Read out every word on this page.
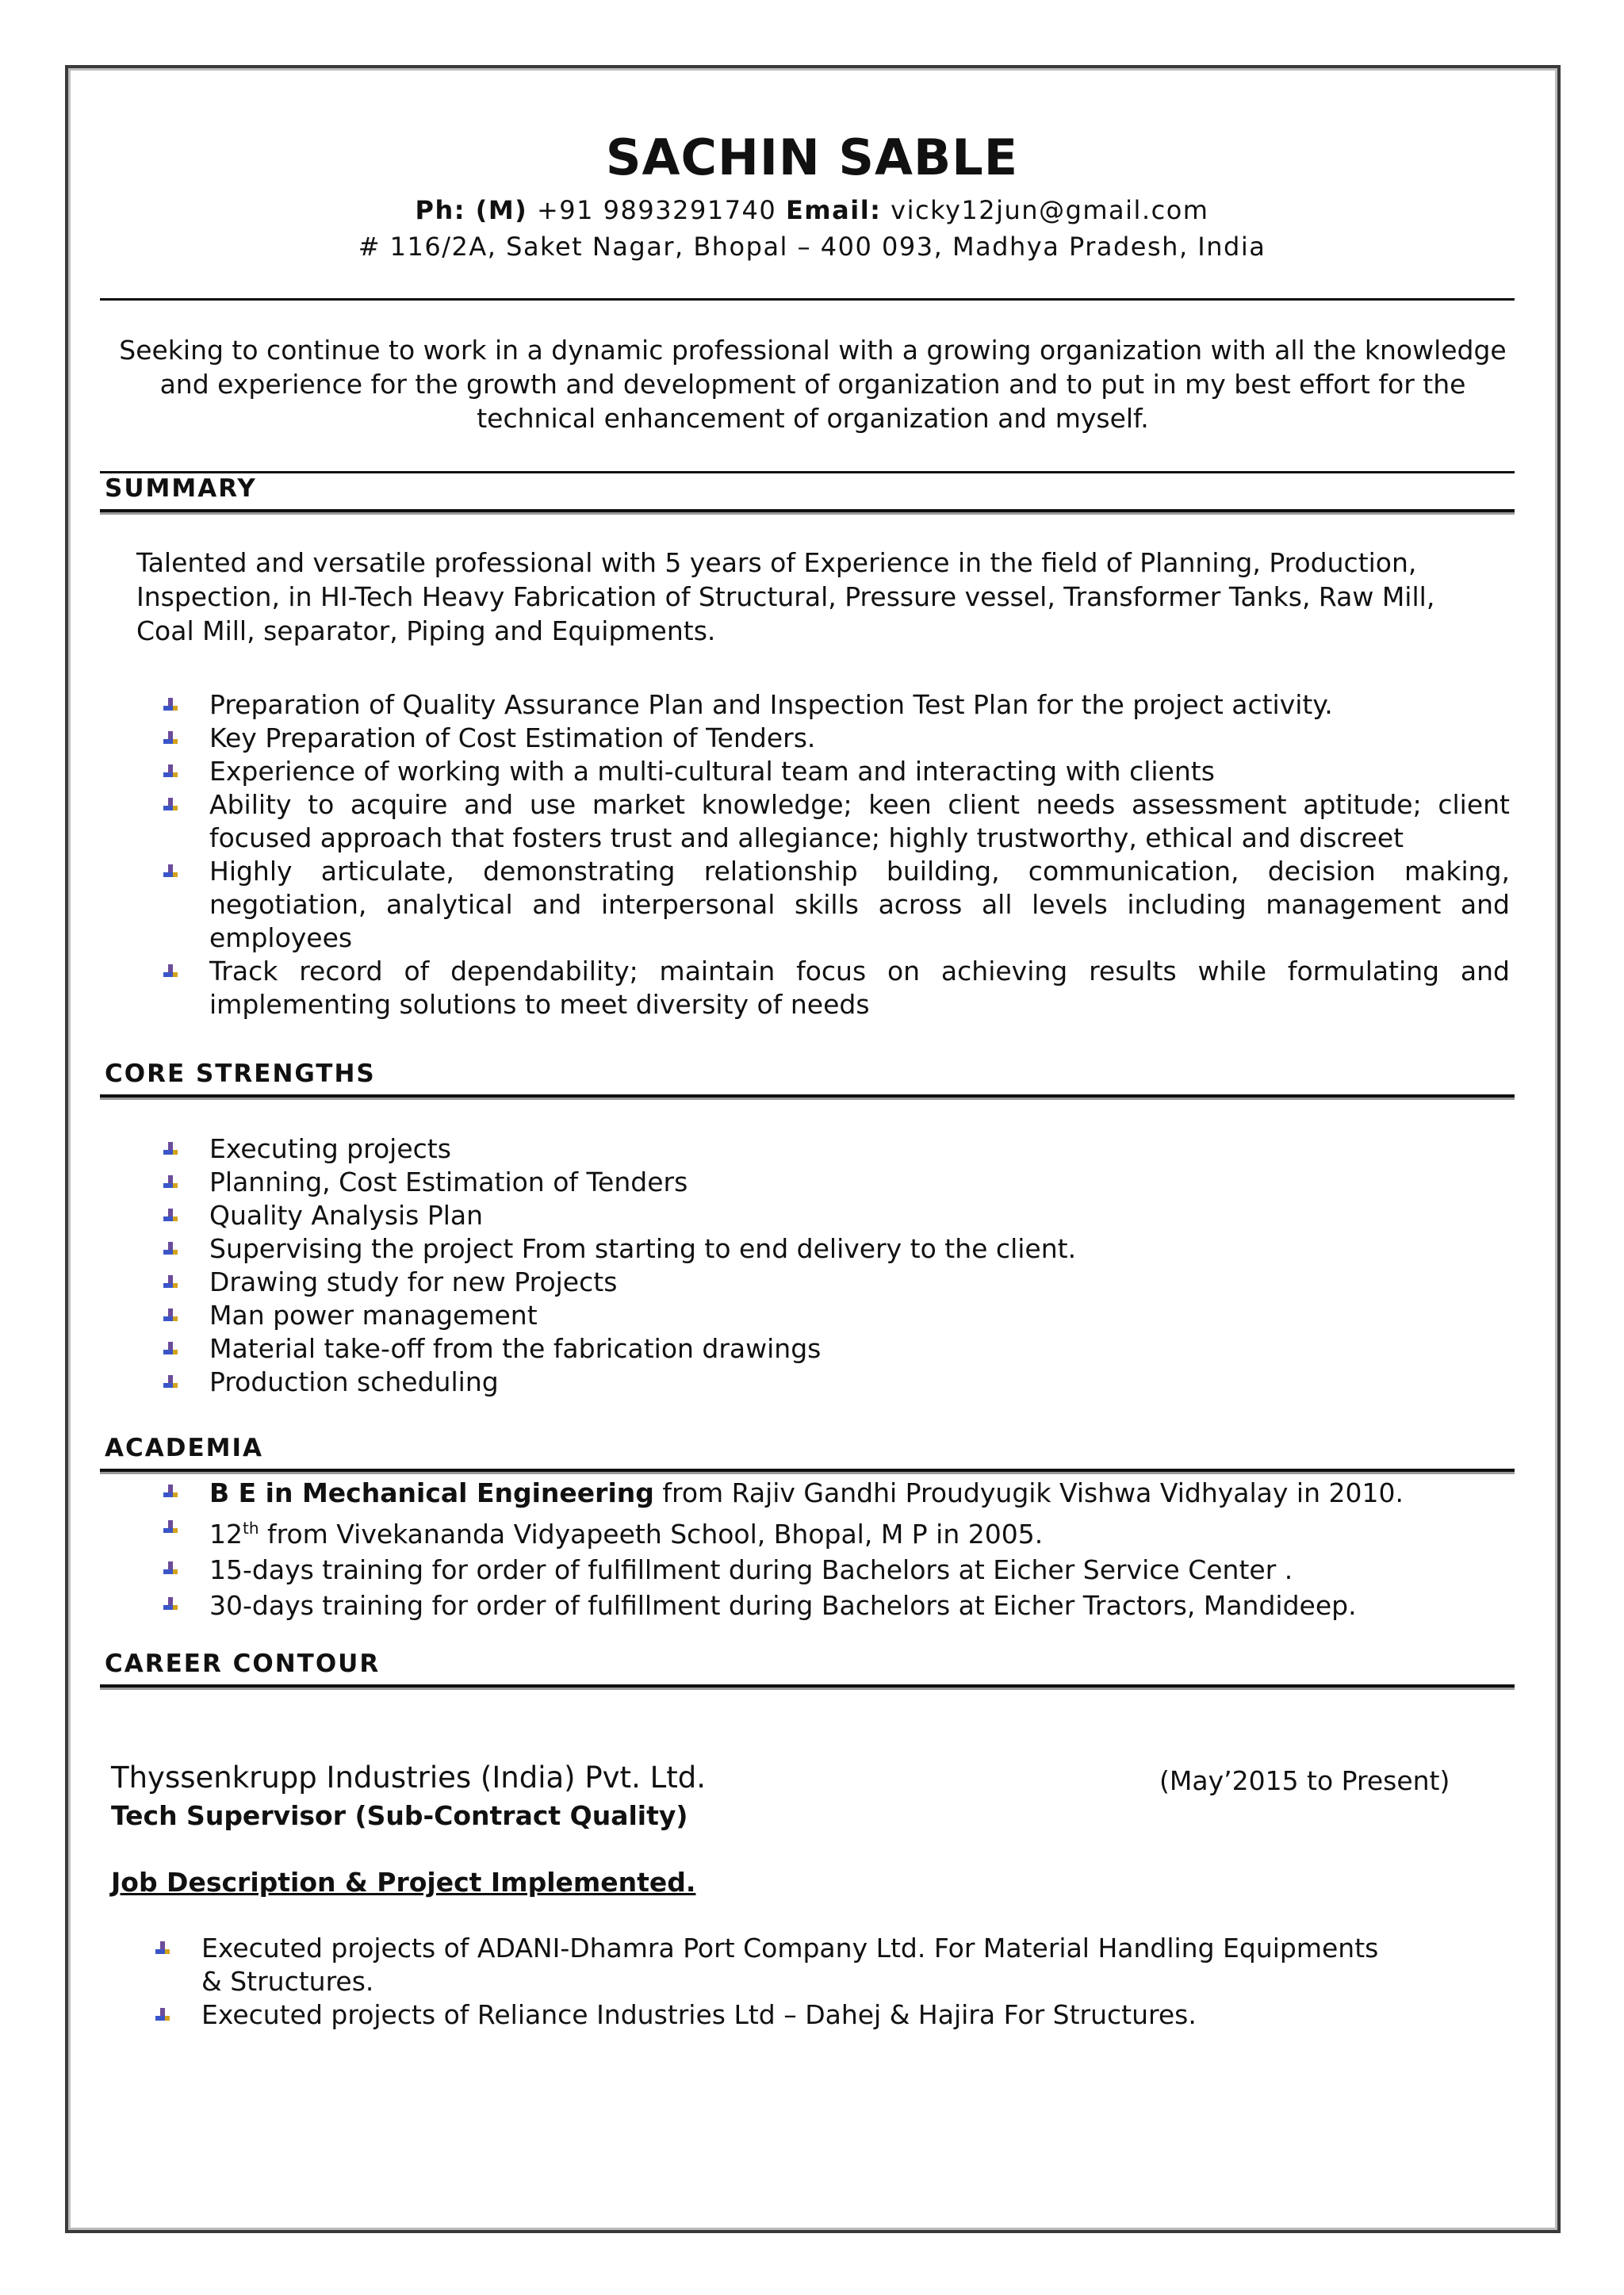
SACHIN SABLE
Ph: (M) +91 9893291740 Email: vicky12jun@gmail.com
# 116/2A, Saket Nagar, Bhopal – 400 093, Madhya Pradesh, India
Seeking to continue to work in a dynamic professional with a growing organization with all the knowledge and experience for the growth and development of organization and to put in my best effort for the technical enhancement of organization and myself.
SUMMARY
Talented and versatile professional with 5 years of Experience in the field of Planning, Production, Inspection, in HI-Tech Heavy Fabrication of Structural, Pressure vessel, Transformer Tanks, Raw Mill, Coal Mill, separator, Piping and Equipments.
Preparation of Quality Assurance Plan and Inspection Test Plan for the project activity.
Key Preparation of Cost Estimation of Tenders.
Experience of working with a multi-cultural team and interacting with clients
Ability to acquire and use market knowledge; keen client needs assessment aptitude; client focused approach that fosters trust and allegiance; highly trustworthy, ethical and discreet
Highly articulate, demonstrating relationship building, communication, decision making, negotiation, analytical and interpersonal skills across all levels including management and employees
Track record of dependability; maintain focus on achieving results while formulating and implementing solutions to meet diversity of needs
CORE STRENGTHS
Executing projects
Planning, Cost Estimation of Tenders
Quality Analysis Plan
Supervising the project From starting to end delivery to the client.
Drawing study for new Projects
Man power management
Material take-off from the fabrication drawings
Production scheduling
ACADEMIA
B E in Mechanical Engineering from Rajiv Gandhi Proudyugik Vishwa Vidhyalay in 2010.
12th from Vivekananda Vidyapeeth School, Bhopal, M P in 2005.
15-days training for order of fulfillment during Bachelors at Eicher Service Center .
30-days training for order of fulfillment during Bachelors at Eicher Tractors, Mandideep.
CAREER CONTOUR
Thyssenkrupp Industries (India) Pvt. Ltd.	(May’2015 to Present)
Tech Supervisor (Sub-Contract Quality)
Job Description & Project Implemented.
Executed projects of ADANI-Dhamra Port Company Ltd. For Material Handling Equipments & Structures.
Executed projects of Reliance Industries Ltd – Dahej & Hajira For Structures.
